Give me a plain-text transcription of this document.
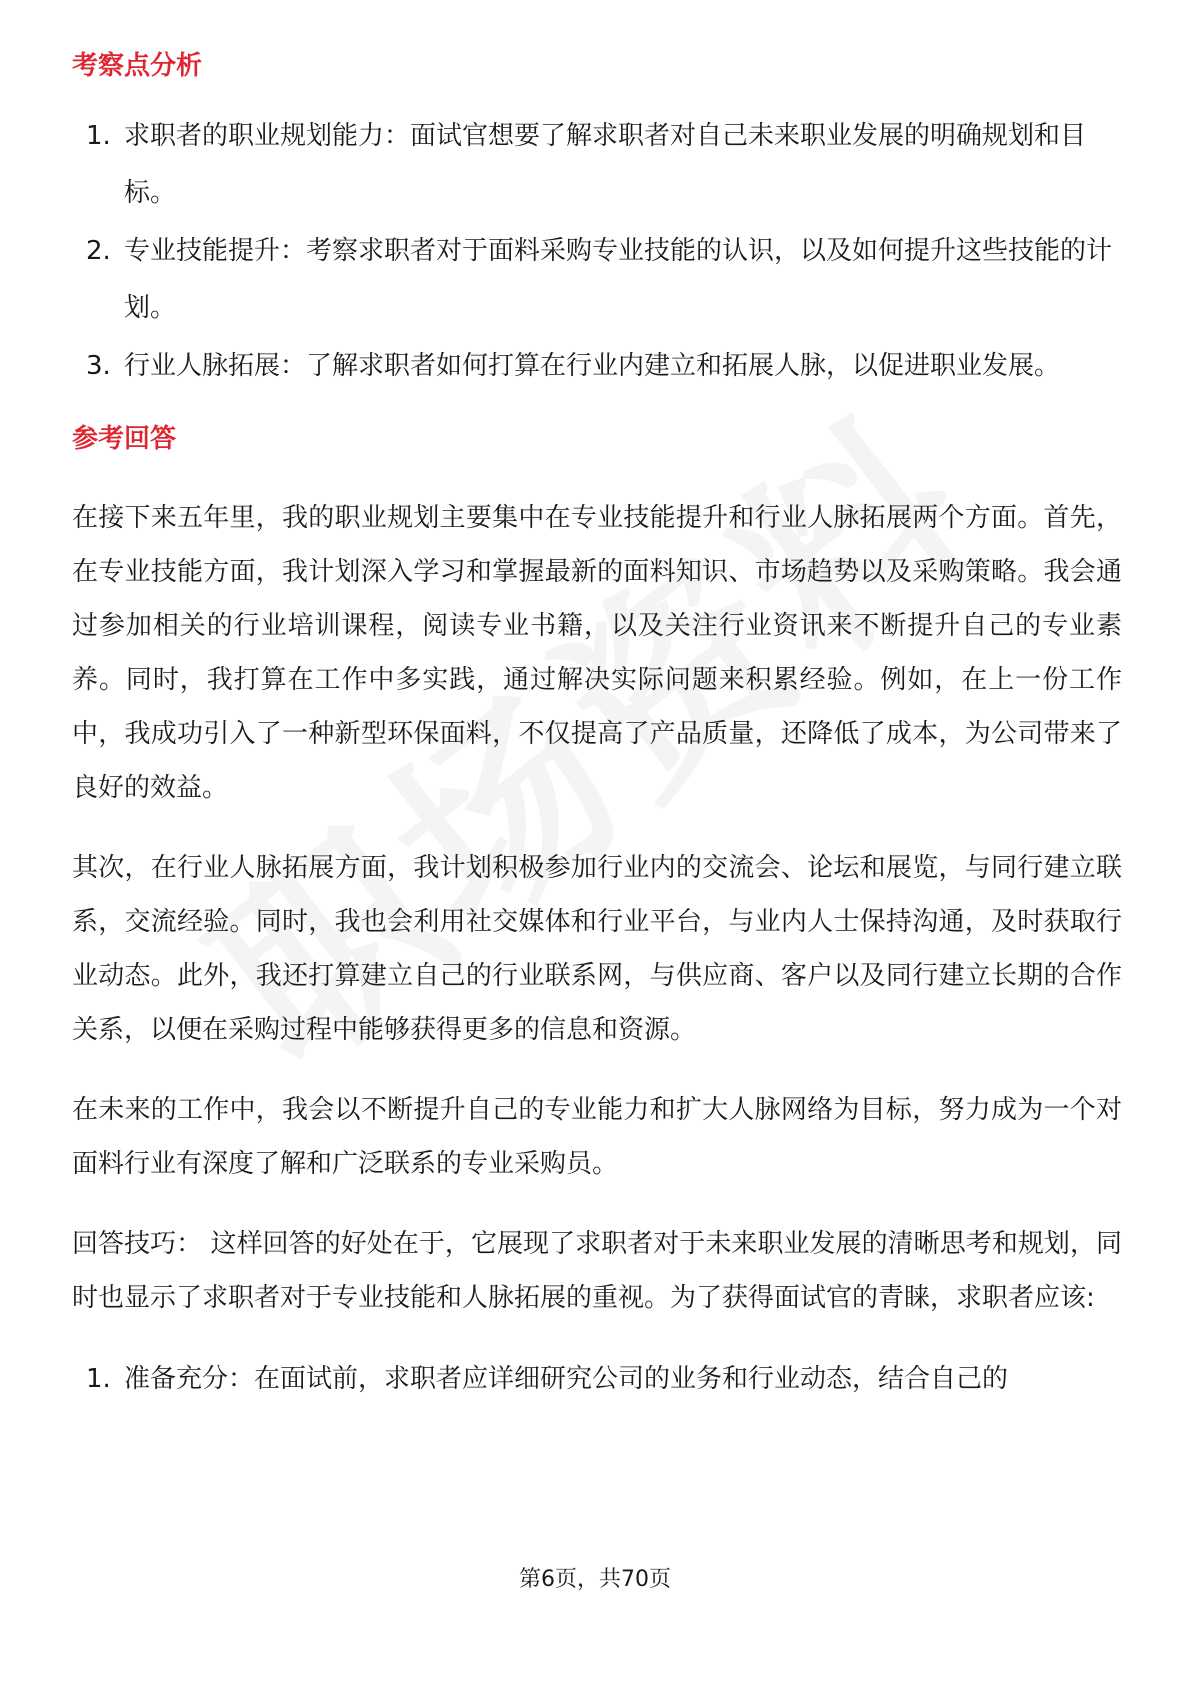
考察点分析
1. 求职者的职业规划能力：面试官想要了解求职者对自己未来职业发展的明确规划和目标。
2. 专业技能提升：考察求职者对于面料采购专业技能的认识，以及如何提升这些技能的计划。
3. 行业人脉拓展：了解求职者如何打算在行业内建立和拓展人脉，以促进职业发展。
参考回答

在接下来五年里，我的职业规划主要集中在专业技能提升和行业人脉拓展两个方面。首先，在专业技能方面，我计划深入学习和掌握最新的面料知识、市场趋势以及采购策略。我会通过参加相关的行业培训课程，阅读专业书籍，以及关注行业资讯来不断提升自己的专业素养。同时，我打算在工作中多实践，通过解决实际问题来积累经验。例如，在上一份工作中，我成功引入了一种新型环保面料，不仅提高了产品质量，还降低了成本，为公司带来了良好的效益。

其次，在行业人脉拓展方面，我计划积极参加行业内的交流会、论坛和展览，与同行建立联系，交流经验。同时，我也会利用社交媒体和行业平台，与业内人士保持沟通，及时获取行业动态。此外，我还打算建立自己的行业联系网，与供应商、客户以及同行建立长期的合作关系，以便在采购过程中能够获得更多的信息和资源。

在未来的工作中，我会以不断提升自己的专业能力和扩大人脉网络为目标，努力成为一个对面料行业有深度了解和广泛联系的专业采购员。

回答技巧： 这样回答的好处在于，它展现了求职者对于未来职业发展的清晰思考和规划，同时也显示了求职者对于专业技能和人脉拓展的重视。为了获得面试官的青睐，求职者应该:

1. 准备充分：在面试前，求职者应详细研究公司的业务和行业动态，结合自己的
第6页，共70页
